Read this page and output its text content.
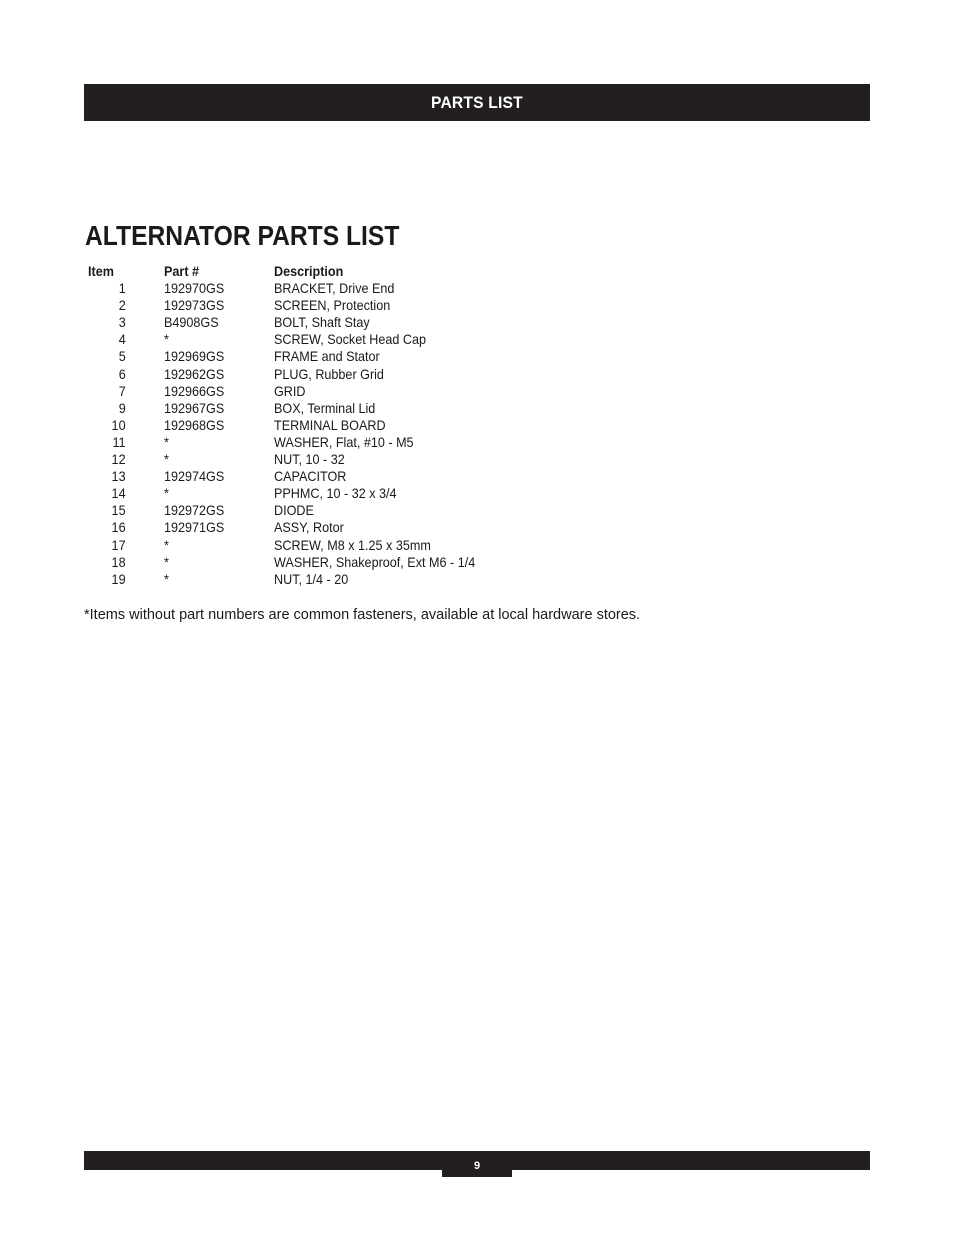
PARTS LIST
ALTERNATOR PARTS LIST
Item	Part #	Description
1	192970GS	BRACKET, Drive End
2	192973GS	SCREEN, Protection
3	B4908GS	BOLT, Shaft Stay
4	*	SCREW, Socket Head Cap
5	192969GS	FRAME and Stator
6	192962GS	PLUG, Rubber Grid
7	192966GS	GRID
9	192967GS	BOX, Terminal Lid
10	192968GS	TERMINAL BOARD
11	*	WASHER, Flat, #10 - M5
12	*	NUT, 10 - 32
13	192974GS	CAPACITOR
14	*	PPHMC, 10 - 32 x 3/4
15	192972GS	DIODE
16	192971GS	ASSY, Rotor
17	*	SCREW, M8 x 1.25 x 35mm
18	*	WASHER, Shakeproof, Ext M6 - 1/4
19	*	NUT, 1/4 - 20
*Items without part numbers are common fasteners, available at local hardware stores.
9
